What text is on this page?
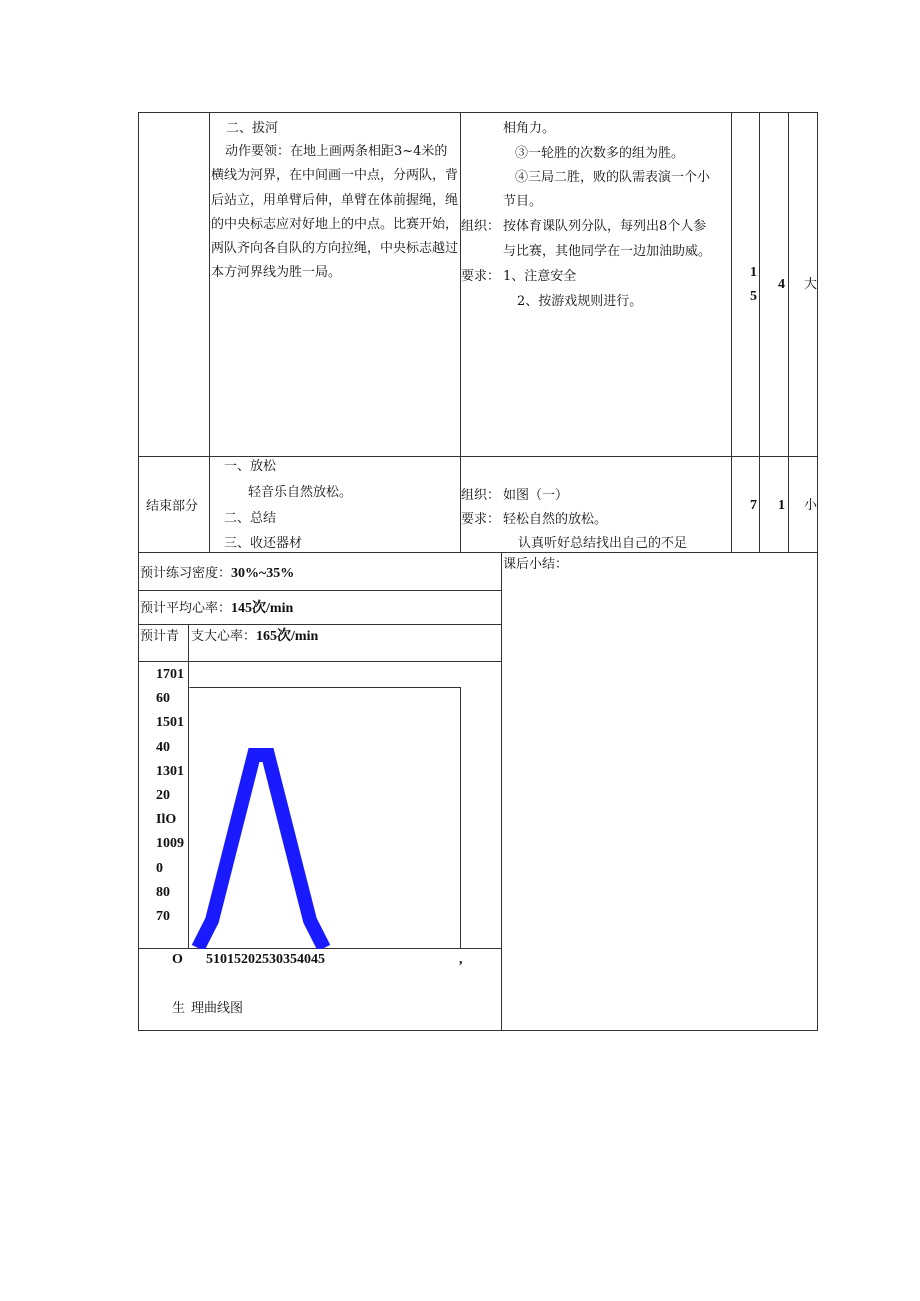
二、拔河
动作要领：在地上画两条相距3~4米的横线为河界，在中间画一中点，分两队，背后站立，用单臂后伸，单臂在体前握绳，绳的中央标志应对好地上的中点。比赛开始，两队齐向各自队的方向拉绳，中央标志越过本方河界线为胜一局。
相角力。
③一轮胜的次数多的组为胜。
④三局二胜，败的队需表演一个小
节目。
组织： 按体育课队列分队，每列出8个人参
与比赛，其他同学在一边加油助威。
要求： 1、注意安全
2、按游戏规则进行。
1
5
4 大
结束部分
一、放松
轻音乐自然放松。
二、总结
三、收还器材
组织： 如图（一）
要求： 轻松自然的放松。
认真听好总结找出自己的不足
7 1 小
预计练习密度：30%~35%
预计平均心率：145次/min
预计青 支大心率：165次/min
课后小结：
1701
60
1501
40
1301
20
IlO
1009
0
80
70
O 51015202530354045	,
生 理曲线图
